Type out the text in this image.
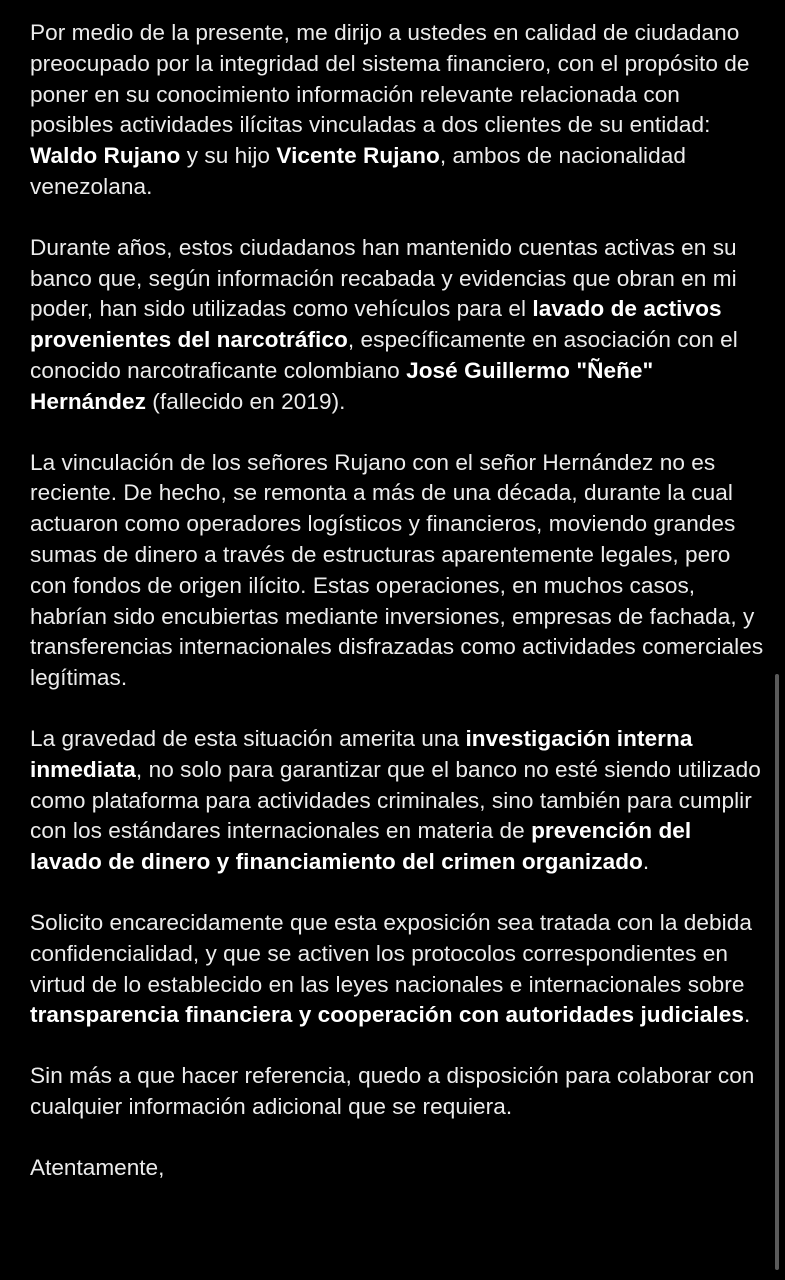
Por medio de la presente, me dirijo a ustedes en calidad de ciudadano preocupado por la integridad del sistema financiero, con el propósito de poner en su conocimiento información relevante relacionada con posibles actividades ilícitas vinculadas a dos clientes de su entidad: Waldo Rujano y su hijo Vicente Rujano, ambos de nacionalidad venezolana.

Durante años, estos ciudadanos han mantenido cuentas activas en su banco que, según información recabada y evidencias que obran en mi poder, han sido utilizadas como vehículos para el lavado de activos provenientes del narcotráfico, específicamente en asociación con el conocido narcotraficante colombiano José Guillermo "Ñeñe" Hernández (fallecido en 2019).

La vinculación de los señores Rujano con el señor Hernández no es reciente. De hecho, se remonta a más de una década, durante la cual actuaron como operadores logísticos y financieros, moviendo grandes sumas de dinero a través de estructuras aparentemente legales, pero con fondos de origen ilícito. Estas operaciones, en muchos casos, habrían sido encubiertas mediante inversiones, empresas de fachada, y transferencias internacionales disfrazadas como actividades comerciales legítimas.

La gravedad de esta situación amerita una investigación interna inmediata, no solo para garantizar que el banco no esté siendo utilizado como plataforma para actividades criminales, sino también para cumplir con los estándares internacionales en materia de prevención del lavado de dinero y financiamiento del crimen organizado.

Solicito encarecidamente que esta exposición sea tratada con la debida confidencialidad, y que se activen los protocolos correspondientes en virtud de lo establecido en las leyes nacionales e internacionales sobre transparencia financiera y cooperación con autoridades judiciales.

Sin más a que hacer referencia, quedo a disposición para colaborar con cualquier información adicional que se requiera.

Atentamente,
